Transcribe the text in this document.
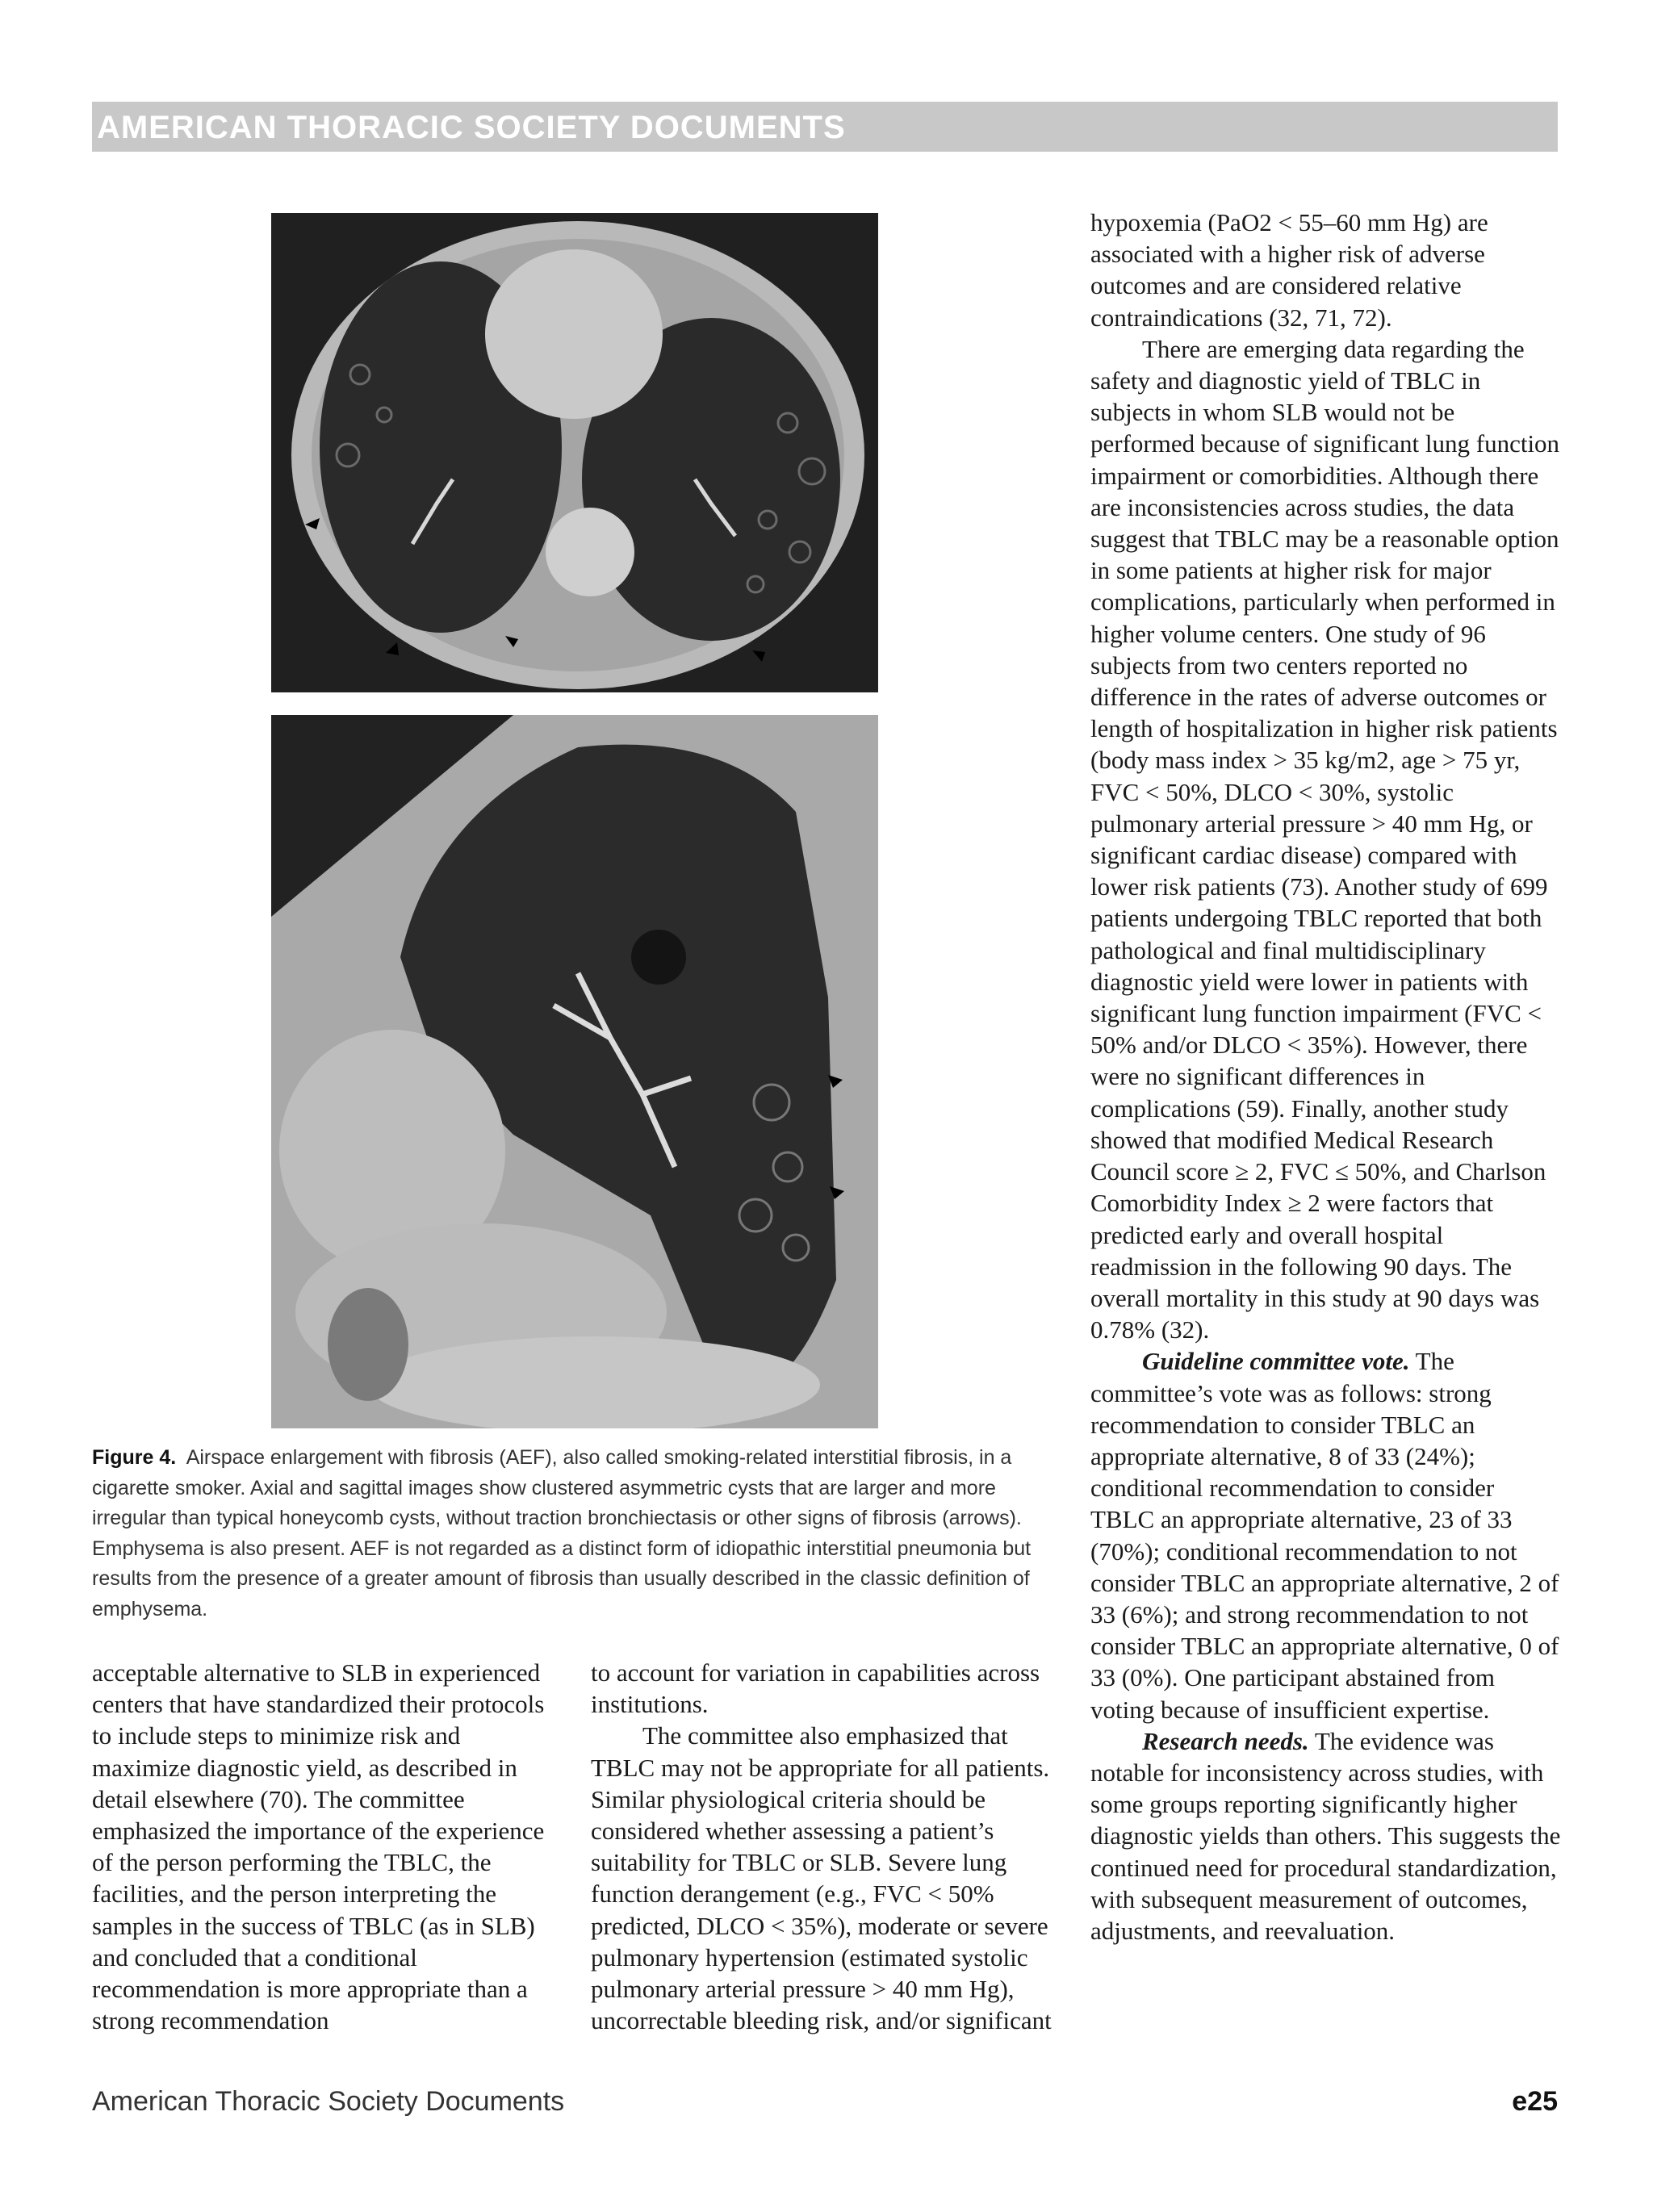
AMERICAN THORACIC SOCIETY DOCUMENTS
Figure 4. Airspace enlargement with fibrosis (AEF), also called smoking-related interstitial fibrosis, in a cigarette smoker. Axial and sagittal images show clustered asymmetric cysts that are larger and more irregular than typical honeycomb cysts, without traction bronchiectasis or other signs of fibrosis (arrows). Emphysema is also present. AEF is not regarded as a distinct form of idiopathic interstitial pneumonia but results from the presence of a greater amount of fibrosis than usually described in the classic definition of emphysema.

acceptable alternative to SLB in experienced centers that have standardized their protocols to include steps to minimize risk and maximize diagnostic yield, as described in detail elsewhere (70). The committee emphasized the importance of the experience of the person performing the TBLC, the facilities, and the person interpreting the samples in the success of TBLC (as in SLB) and concluded that a conditional recommendation is more appropriate than a strong recommendation

to account for variation in capabilities across institutions.

The committee also emphasized that TBLC may not be appropriate for all patients. Similar physiological criteria should be considered whether assessing a patient’s suitability for TBLC or SLB. Severe lung function derangement (e.g., FVC < 50% predicted, DLCO < 35%), moderate or severe pulmonary hypertension (estimated systolic pulmonary arterial pressure > 40 mm Hg), uncorrectable bleeding risk, and/or significant

hypoxemia (PaO2 < 55–60 mm Hg) are associated with a higher risk of adverse outcomes and are considered relative contraindications (32, 71, 72).

There are emerging data regarding the safety and diagnostic yield of TBLC in subjects in whom SLB would not be performed because of significant lung function impairment or comorbidities. Although there are inconsistencies across studies, the data suggest that TBLC may be a reasonable option in some patients at higher risk for major complications, particularly when performed in higher volume centers. One study of 96 subjects from two centers reported no difference in the rates of adverse outcomes or length of hospitalization in higher risk patients (body mass index > 35 kg/m2, age > 75 yr, FVC < 50%, DLCO < 30%, systolic pulmonary arterial pressure > 40 mm Hg, or significant cardiac disease) compared with lower risk patients (73). Another study of 699 patients undergoing TBLC reported that both pathological and final multidisciplinary diagnostic yield were lower in patients with significant lung function impairment (FVC < 50% and/or DLCO < 35%). However, there were no significant differences in complications (59). Finally, another study showed that modified Medical Research Council score ≥ 2, FVC ≤ 50%, and Charlson Comorbidity Index ≥ 2 were factors that predicted early and overall hospital readmission in the following 90 days. The overall mortality in this study at 90 days was 0.78% (32).

Guideline committee vote. The committee’s vote was as follows: strong recommendation to consider TBLC an appropriate alternative, 8 of 33 (24%); conditional recommendation to consider TBLC an appropriate alternative, 23 of 33 (70%); conditional recommendation to not consider TBLC an appropriate alternative, 2 of 33 (6%); and strong recommendation to not consider TBLC an appropriate alternative, 0 of 33 (0%). One participant abstained from voting because of insufficient expertise.

Research needs. The evidence was notable for inconsistency across studies, with some groups reporting significantly higher diagnostic yields than others. This suggests the continued need for procedural standardization, with subsequent measurement of outcomes, adjustments, and reevaluation.

American Thoracic Society Documents	e25
